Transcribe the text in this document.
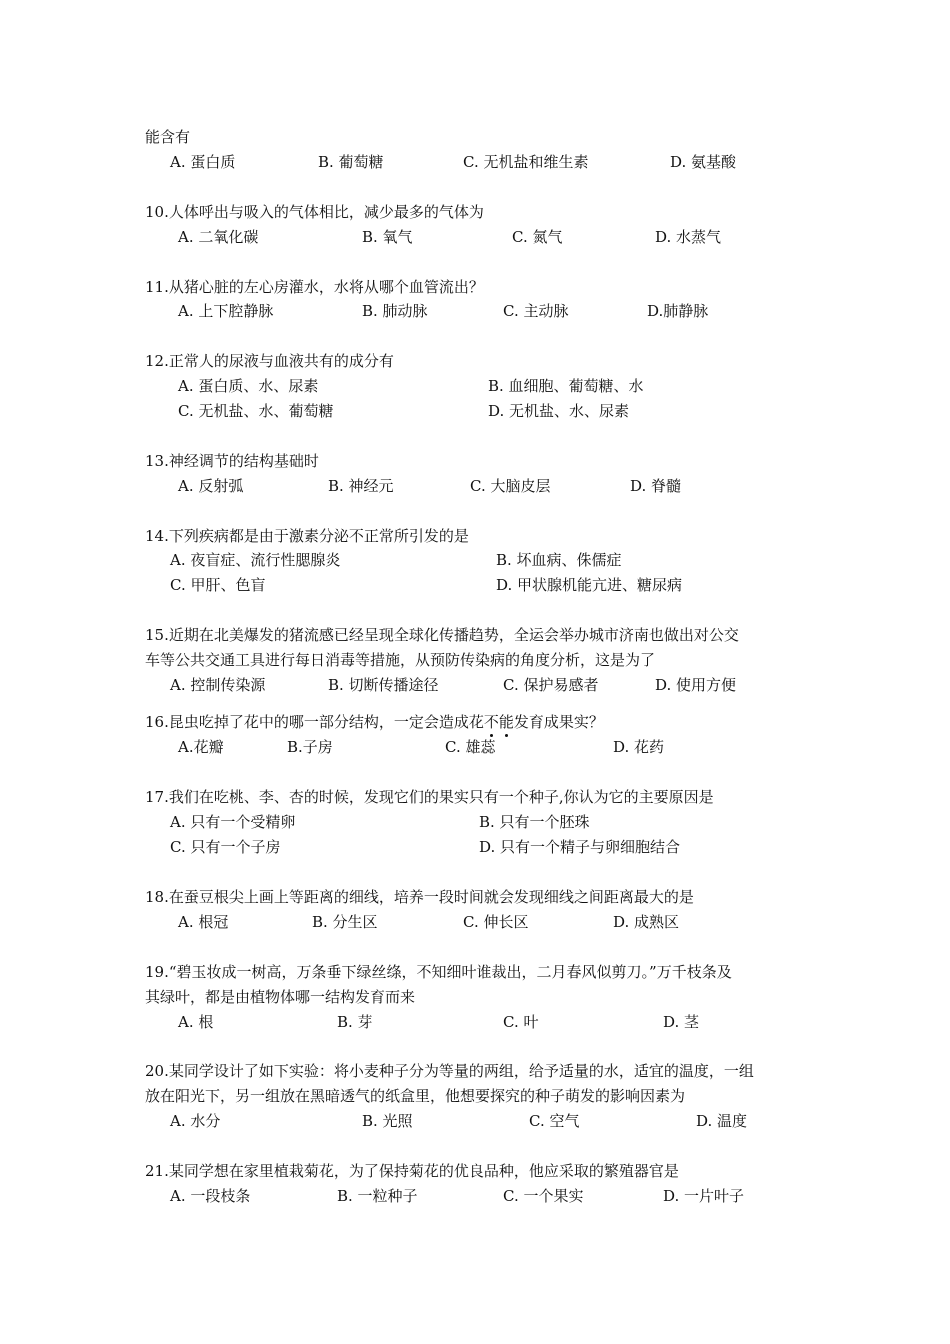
能含有
A. 蛋白质	B. 葡萄糖	C. 无机盐和维生素	D. 氨基酸
10.人体呼出与吸入的气体相比，减少最多的气体为
A. 二氧化碳	B. 氧气	C. 氮气	D. 水蒸气
11.从猪心脏的左心房灌水，水将从哪个血管流出？
A. 上下腔静脉	B. 肺动脉	C. 主动脉	D.肺静脉
12.正常人的尿液与血液共有的成分有
A. 蛋白质、水、尿素	B. 血细胞、葡萄糖、水
C. 无机盐、水、葡萄糖	D. 无机盐、水、尿素
13.神经调节的结构基础时
A. 反射弧	B. 神经元	C. 大脑皮层	D. 脊髓
14.下列疾病都是由于激素分泌不正常所引发的是
A. 夜盲症、流行性腮腺炎	B. 坏血病、侏儒症
C. 甲肝、色盲	D. 甲状腺机能亢进、糖尿病
15.近期在北美爆发的猪流感已经呈现全球化传播趋势，全运会举办城市济南也做出对公交
车等公共交通工具进行每日消毒等措施，从预防传染病的角度分析，这是为了
A. 控制传染源	B. 切断传播途径	C. 保护易感者	D. 使用方便
16.昆虫吃掉了花中的哪一部分结构，一定会造成花不能发育成果实？
A.花瓣	B.子房	C. 雄蕊	D. 花药
17.我们在吃桃、李、杏的时候，发现它们的果实只有一个种子,你认为它的主要原因是
A. 只有一个受精卵	B. 只有一个胚珠
C. 只有一个子房	D. 只有一个精子与卵细胞结合
18.在蚕豆根尖上画上等距离的细线，培养一段时间就会发现细线之间距离最大的是
A. 根冠	B. 分生区	C. 伸长区	D. 成熟区
19.“碧玉妆成一树高，万条垂下绿丝绦，不知细叶谁裁出，二月春风似剪刀。”万千枝条及
其绿叶，都是由植物体哪一结构发育而来
A. 根	B. 芽	C. 叶	D. 茎
20.某同学设计了如下实验：将小麦种子分为等量的两组，给予适量的水，适宜的温度，一组
放在阳光下，另一组放在黑暗透气的纸盒里，他想要探究的种子萌发的影响因素为
A. 水分	B. 光照	C. 空气	D. 温度
21.某同学想在家里植栽菊花，为了保持菊花的优良品种，他应采取的繁殖器官是
A. 一段枝条	B. 一粒种子	C. 一个果实	D. 一片叶子
